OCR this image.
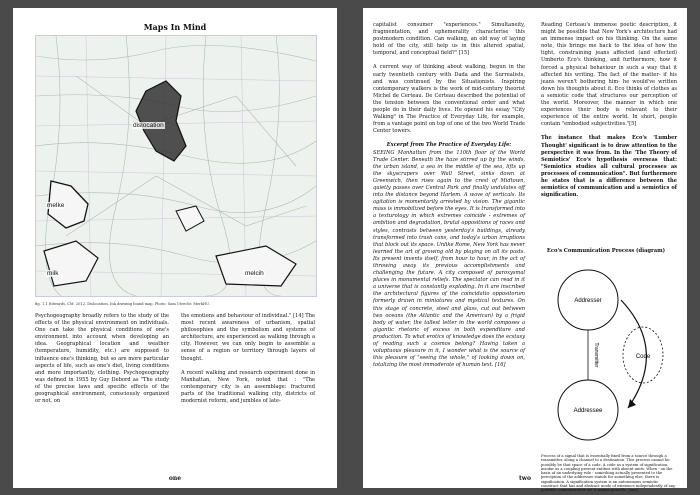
Maps In Mind
dislocation
melke
milk	melcih
fig. 1.1 Edwards, CM. 2012. Dislocation. Ink drawing found map. Photo: Sam Utrecht: MerkHU.

Psychogeography broadly refers to the study of the effects of the physical environment on individuals. One can take the physical conditions of one's environment into account when developing an idea. Geographical location and weather (temperature, humidity, etc.) are supposed to influence one's thinking, but so are more particular aspects of life, such as one's diet, living conditions and more importantly, clothing. Psychogeography was defined in 1955 by Guy Debord as "The study of the precise laws and specific effects of the geographical environment, consciously organized or not, on

the emotions and behaviour of individual." [14] The most recent awareness of urbanism, spatial philosophies and the symbolism and systems of architecture, are experienced as walking through a city. However, we can only begin to assemble a sense of a region or territory through layers of thought.

A recent walking and research experiment done in Manhattan, New York, noted that : "The contemporary city is an assemblage: fractured parts of the traditional walking city, districts of modernist reform, and jumbles of late-

one

capitalist consumer "experiences." Simultaneity, fragmentation, and ephemerality characterise this postmodern condition. Can walking, an old way of laying hold of the city, still help us in this altered spatial, temporal, and conceptual field?" [15]

A current way of thinking about walking, begun in the early twentieth century with Dada and the Surrealists, and was continued by the Situationists. Inspiring contemporary walkers is the work of mid-century theorist Michel de Certeau. De Certeau described the potential of the tension between the conventional order and what people do in their daily lives. He opened his essay "City Walking" in The Practice of Everyday Life, for example, from a vantage point on top of one of the two World Trade Center towers.

Excerpt from The Practice of Everyday Life:

SEEING Manhattan from the 110th floor of the World Trade Center. Beneath the haze stirred up by the winds, the urban island, a sea in the middle of the sea, lifts up the skyscrapers over Wall Street, sinks down at Greenwich, then rises again to the crest of Midtown, quietly passes over Central Park and finally undulates off into the distance beyond Harlem. A wave of verticals. Its agitation is momentarily arrested by vision. The gigantic mass is immobilized before the eyes. It is transformed into a texturology in which extremes coincide - extremes of ambition and degradation, brutal oppositions of races and styles, contrasts between yesterday's buildings, already transformed into trash cans, and today's urban irruptions that block out its space. Unlike Rome, New York has never learned the art of growing old by playing on all its pasts. Its present invents itself, from hour to hour, in the act of throwing away its previous accomplishments and challenging the future. A city composed of paroxysmal places in monumental reliefs. The spectator can read in it a universe that is constantly exploding. In it are inscribed the architectural figures of the coincidatio oppositorum formerly drawn in miniatures and mystical textures. On this stage of concrete, steel and glass, cut out between two oceans (the Atlantic and the American) by a frigid body of water, the tallest letter in the world composes a gigantic rhetoric of excess in both expenditure and production. To what erotics of knowledge does the ecstasy of reading such a cosmos belong? Having taken a voluptuous pleasure in it, I wonder what is the source of this pleasure of "seeing the whole," of looking down on, totalizing the most immoderate of human text. [16]

Reading Certeau's immense poetic description, it might be possible that New York's architecture had an immense impact on his thinking. On the same note, this brings me back to the idea of how the tight, constraining jeans affected (and effected) Umberto Eco's thinking, and furthermore, how it forced a physical behaviour in such a way that it affected his writing. The fact of the matter- if his jeans weren't bothering him- he would've written down his thoughts about it. Eco thinks of clothes as a semiotic code that structures our perception of the world. Moreover, the manner in which one experiences their body is relevant to their experience of the entire world. In short, people contain "embodied subjectivities."[5]

The instance that makes Eco's 'Lumber Thought' significant is to draw attention to the perspective it was from. In the 'The Theory of Semiotics' Eco's hypothesis overseas that: "Semiotics studies all cultural processes as processes of communication". But furthermore he states that is a difference between the semiotics of communication and a semiotics of signification.

Eco's Communication Process (diagram)
Addresser
Code
Addressee
Transmitter
Process of a signal that is essentially fixed from a source through a transmitter, along a channel to a destination. This process cannot be possibly be that space of a code. A code as a system of signification, insofar as a coupling present entities with absent units. When - on the basis of an underlying rule - something actually presented to the perception of the addressee stands for something else, there is signification. A signification system is an autonomous semiotic construct that has and abstract mode of existence independently of any possible communicative act it makes possible. [see]
two
